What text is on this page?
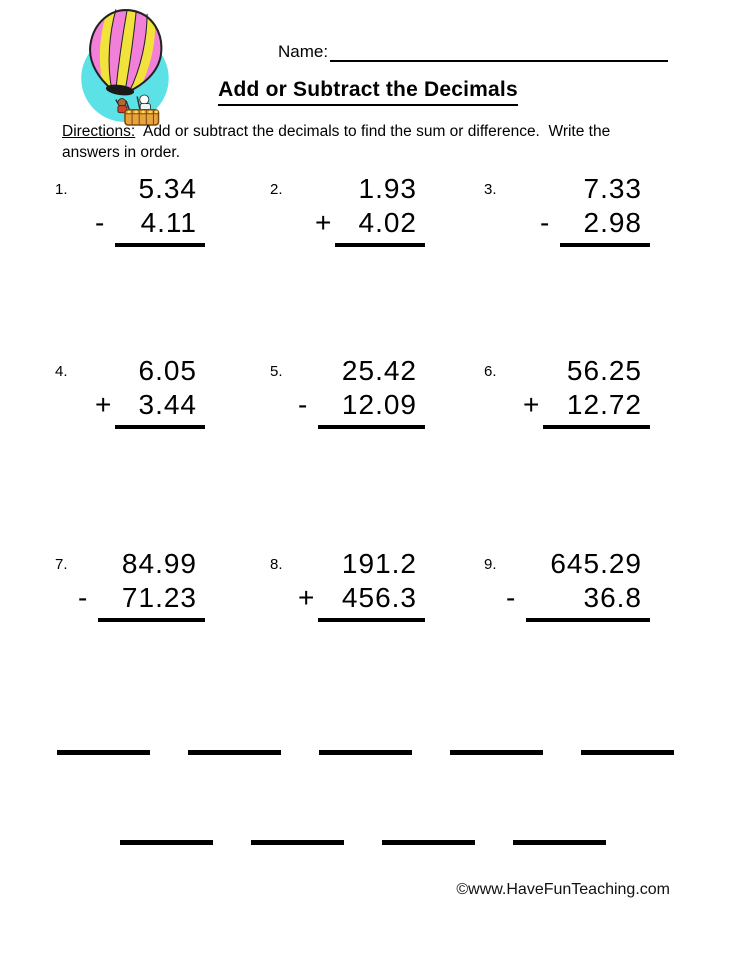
Name:
Add or Subtract the Decimals
Directions:  Add or subtract the decimals to find the sum or difference.  Write the
answers in order.
1.	5.34
- 4.11
2.	1.93
+ 4.02
3.	7.33
- 2.98
4.	6.05
+ 3.44
5.	25.42
- 12.09
6.	56.25
+ 12.72
7.	84.99
- 71.23
8.	191.2
+ 456.3
9.	645.29
- 36.8
©www.HaveFunTeaching.com
